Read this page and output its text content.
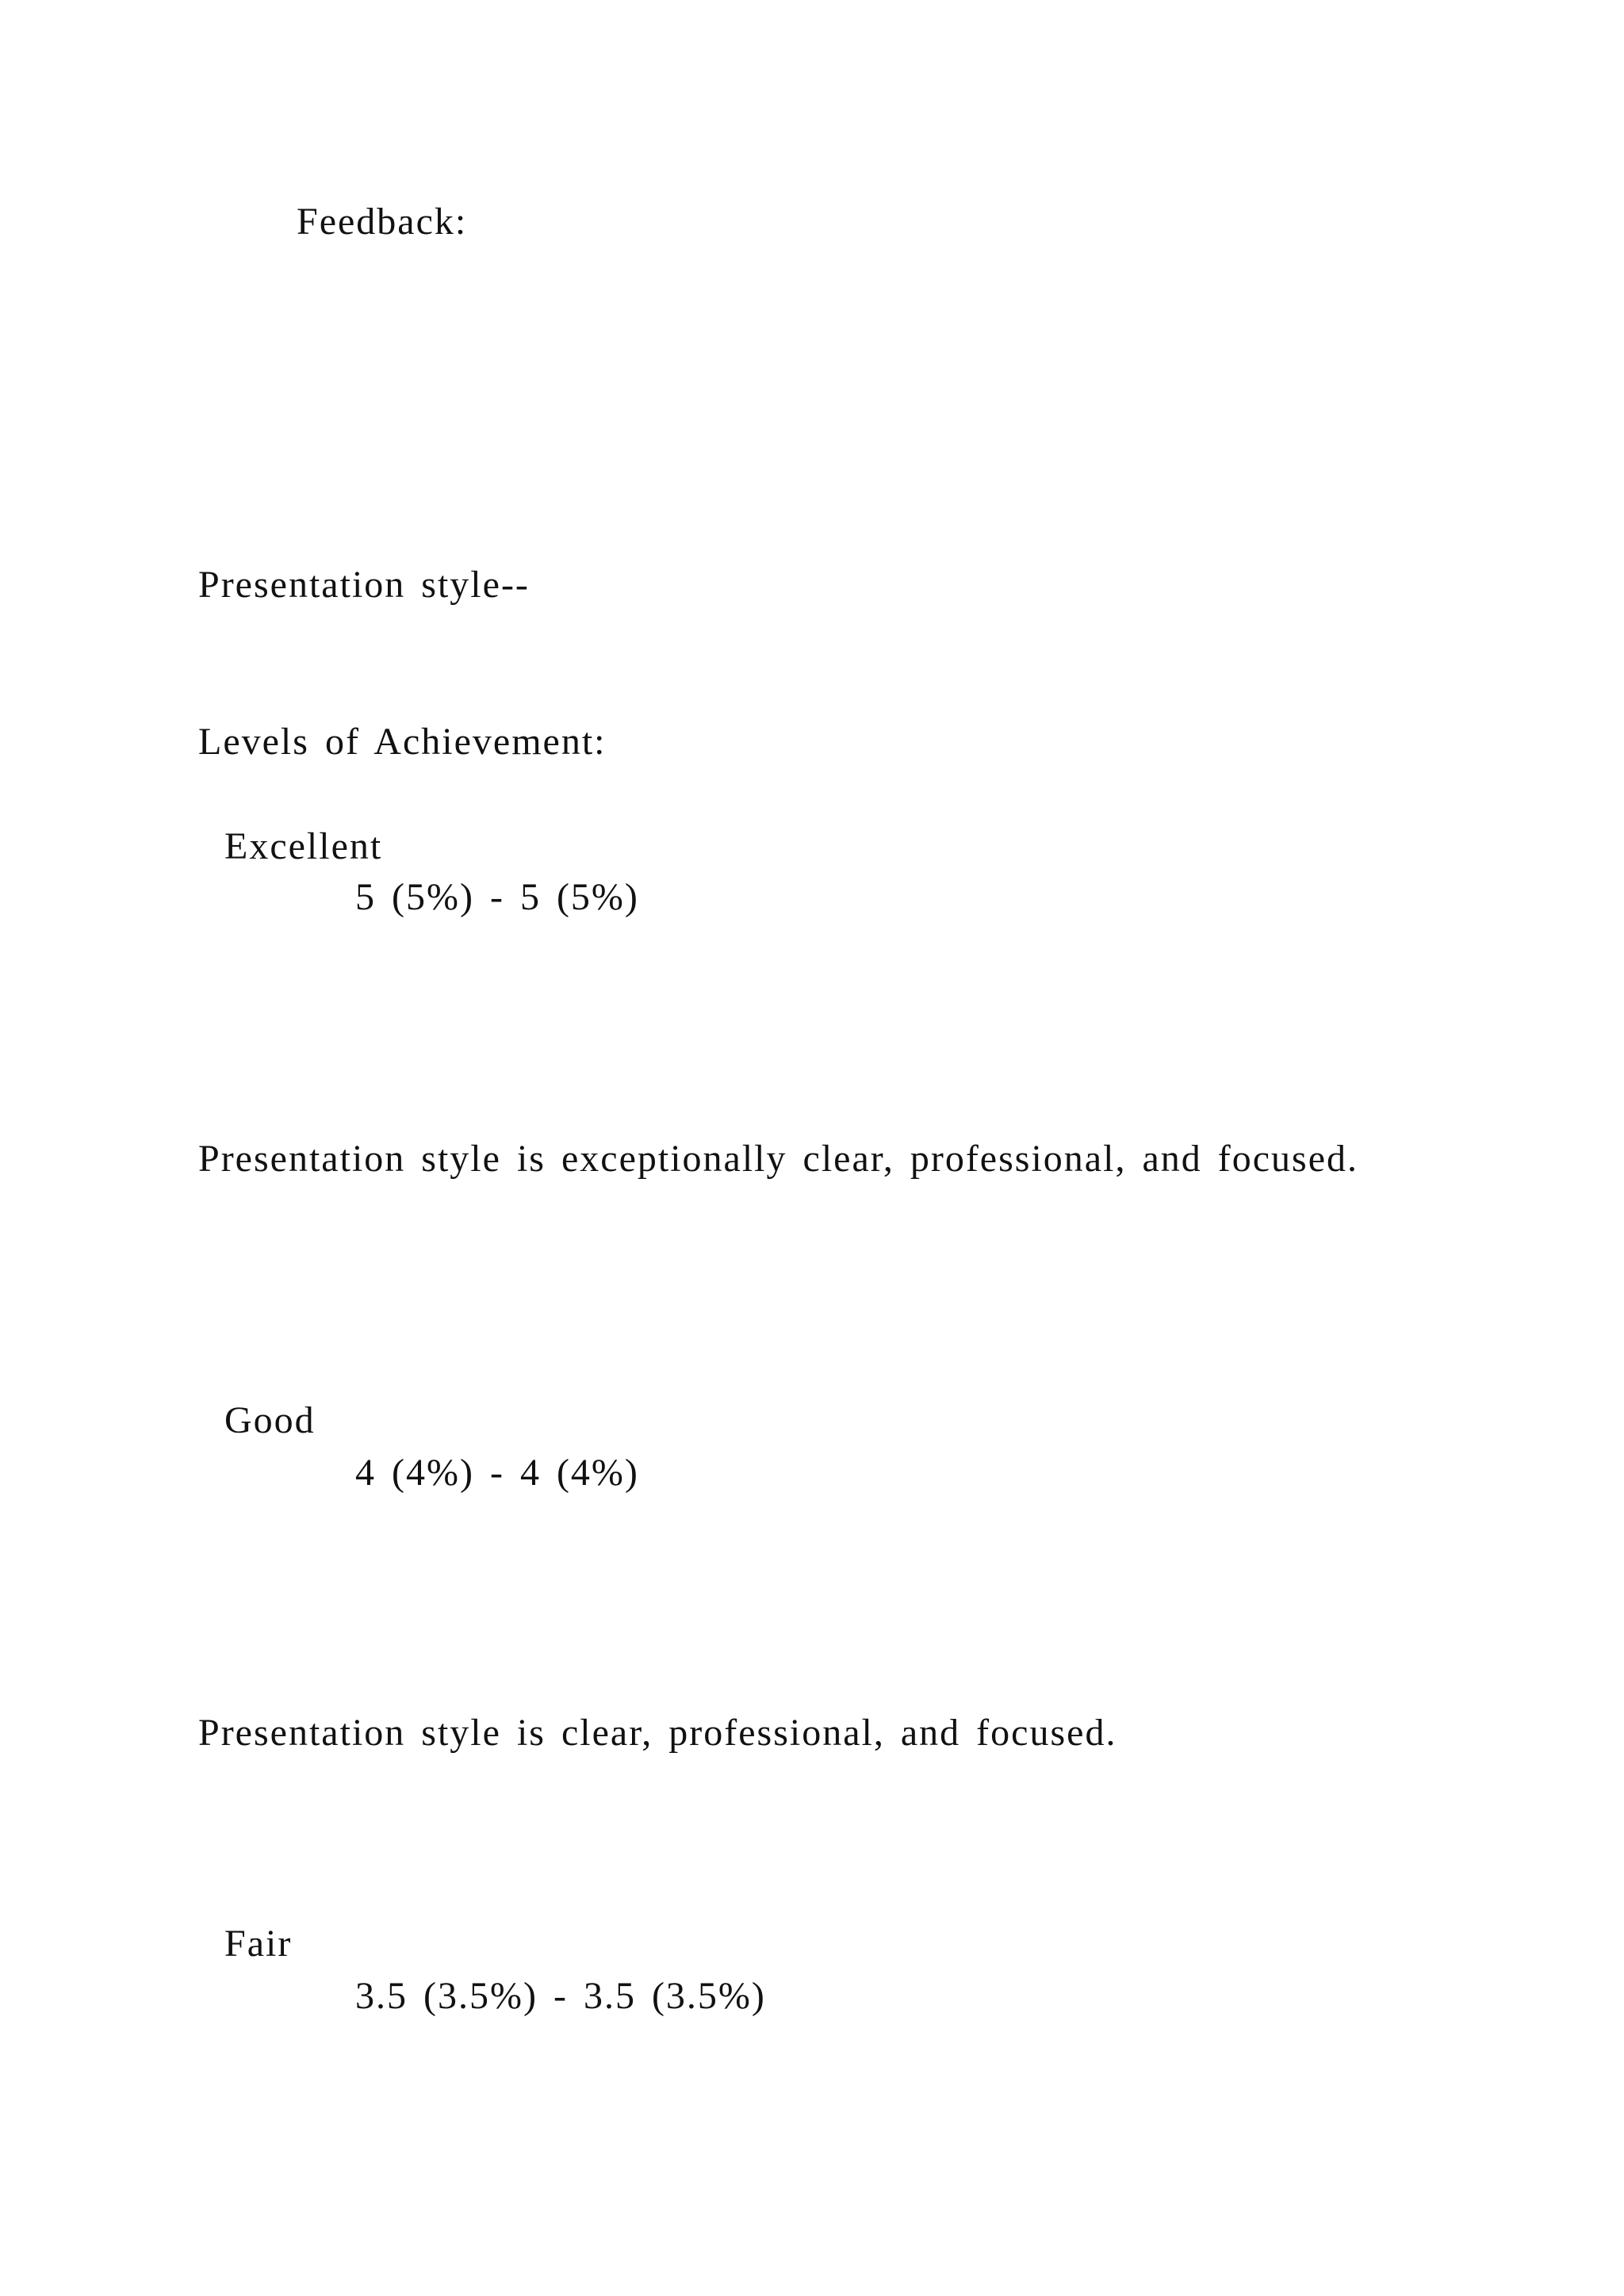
Feedback:
Presentation style--
Levels of Achievement:
Excellent
5 (5%) - 5 (5%)
Presentation style is exceptionally clear, professional, and focused.
Good
4 (4%) - 4 (4%)
Presentation style is clear, professional, and focused.
Fair
3.5 (3.5%) - 3.5 (3.5%)
